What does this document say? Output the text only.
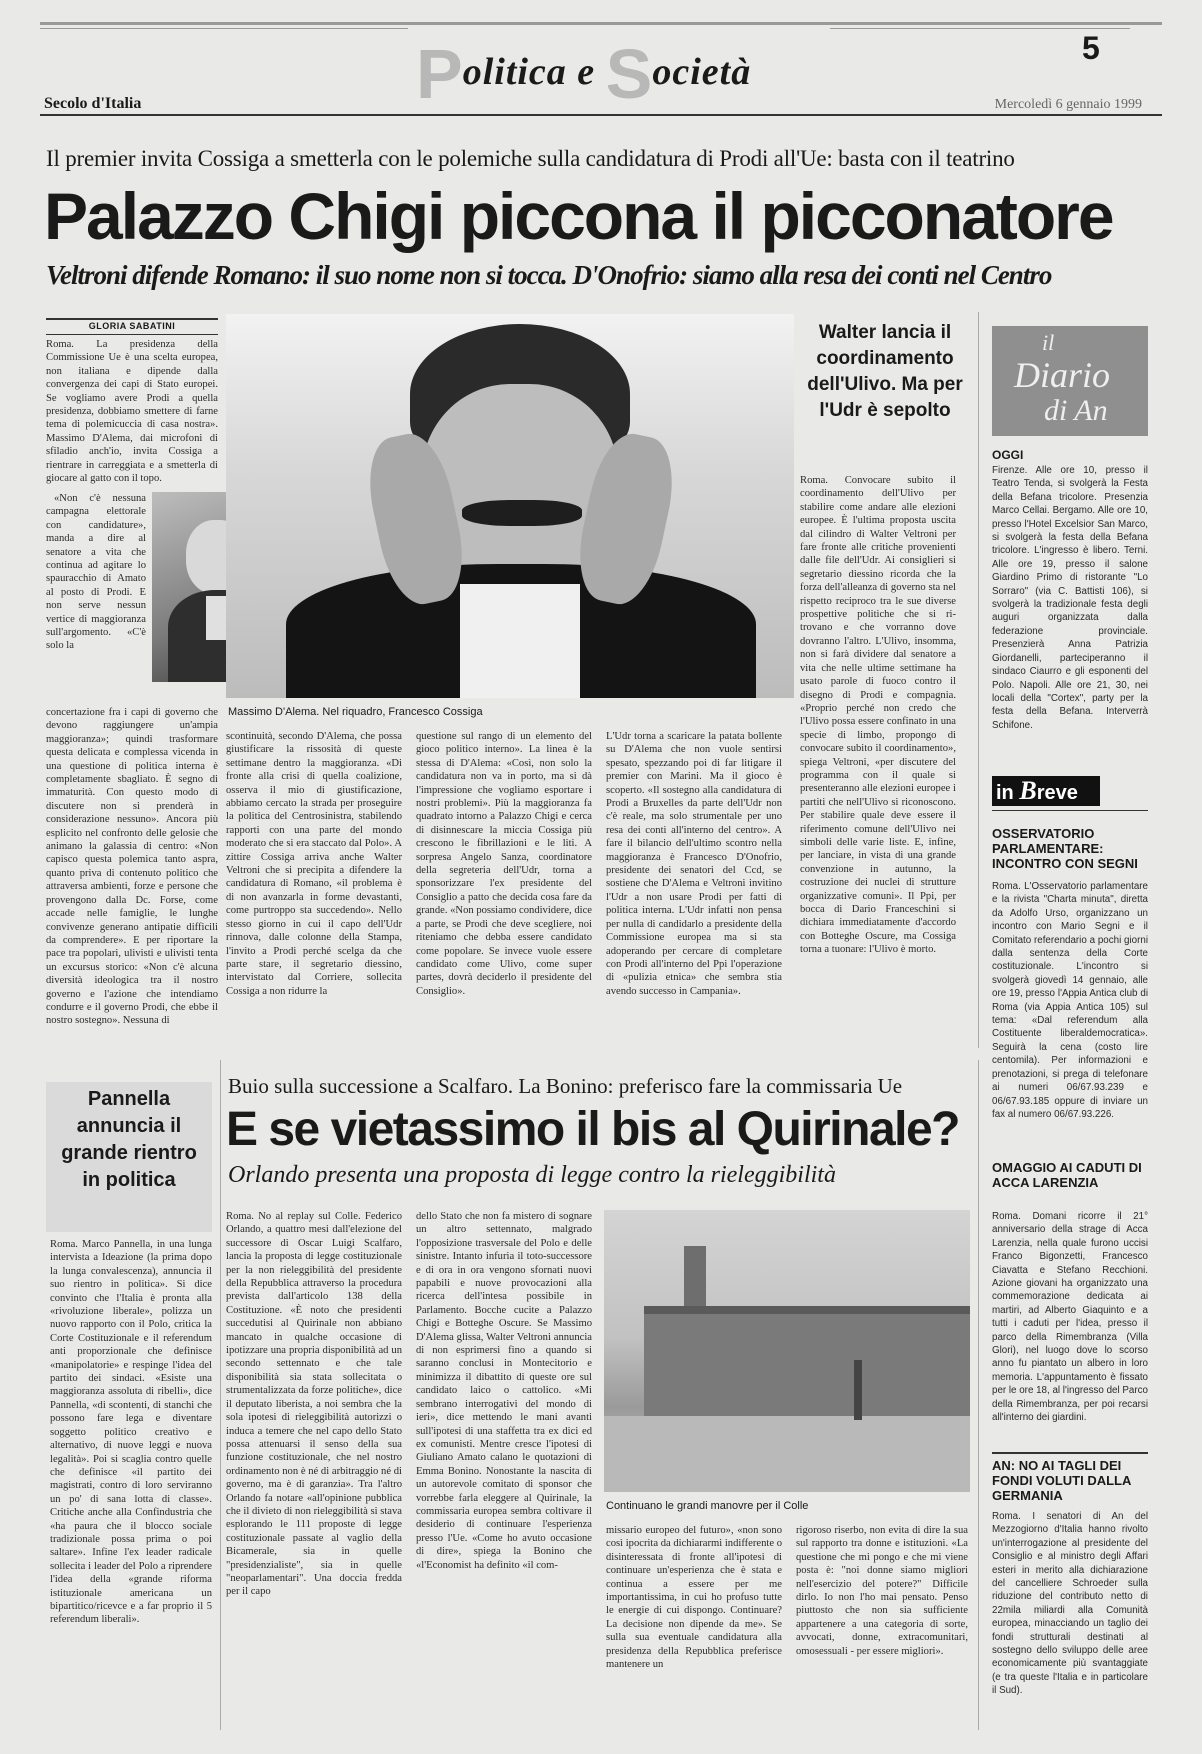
Politica e Società
5
Secolo d'Italia	Mercoledì 6 gennaio 1999
Il premier invita Cossiga a smetterla con le polemiche sulla candidatura di Prodi all'Ue: basta con il teatrino
Palazzo Chigi piccona il picconatore
Veltroni difende Romano: il suo nome non si tocca. D'Onofrio: siamo alla resa dei conti nel Centro
GLORIA SABATINI

Roma. La presidenza della Commissione Ue è una scelta europea, non italiana e dipende dalla convergenza dei capi di Stato europei. Se vogliamo avere Prodi a quella presidenza, dobbiamo smettere di farne tema di polemicuccia di casa nostra». Massimo D'Alema, dai microfoni di sfiladio anch'io, invita Cossiga a rientrare in carreggiata e a smetterla di giocare al gatto con il topo.

«Non c'è nessuna campagna elettorale con candidature», manda a dire al senatore a vita che continua ad agitare lo spauracchio di Amato al posto di Prodi. E non serve nessun vertice di maggioranza sull'argomento. «C'è solo la

concertazione fra i capi di governo che devono raggiungere un'ampia maggioranza»; quindi trasformare questa delicata e complessa vicenda in una questione di politica interna è completamente sbagliato. È segno di immaturità. Con questo modo di discutere non si prenderà in considerazione nessuno». Ancora più esplicito nel confronto delle gelosie che animano la galassia di centro: «Non capisco questa polemica tanto aspra, quanto priva di contenuto politico che attraversa ambienti, forze e persone che provengono dalla Dc. Forse, come accade nelle famiglie, le lunghe convivenze generano antipatie difficili da comprendere». E per riportare la pace tra popolari, ulivisti e ulivisti tenta un excursus storico: «Non c'è alcuna diversità ideologica tra il nostro governo e l'azione che intendiamo condurre e il governo Prodi, che ebbe il nostro sostegno». Nessuna di

Massimo D'Alema. Nel riquadro, Francesco Cossiga

scontinuità, secondo D'Alema, che possa giustificare la rissosità di queste settimane dentro la maggioranza. «Di fronte alla crisi di quella coalizione, osserva il mio di giustificazione, abbiamo cercato la strada per proseguire la politica del Centrosinistra, stabilendo rapporti con una parte del mondo moderato che si era staccato dal Polo». A zittire Cossiga arriva anche Walter Veltroni che si precipita a difendere la candidatura di Romano, «il problema è di non avanzarla in forme devastanti, come purtroppo sta succedendo». Nello stesso giorno in cui il capo dell'Udr rinnova, dalle colonne della Stampa, l'invito a Prodi perché scelga da che parte stare, il segretario diessino, intervistato dal Corriere, sollecita Cossiga a non ridurre la

questione sul rango di un elemento del gioco politico interno». La linea è la stessa di D'Alema: «Così, non solo la candidatura non va in porto, ma si dà l'impressione che vogliamo esportare i nostri problemi». Più la maggioranza fa quadrato intorno a Palazzo Chigi e cerca di disinnescare la miccia Cossiga più crescono le fibrillazioni e le liti. A sorpresa Angelo Sanza, coordinatore della segreteria dell'Udr, torna a sponsorizzare l'ex presidente del Consiglio a patto che decida cosa fare da grande. «Non possiamo condividere, dice a parte, se Prodi che deve scegliere, noi riteniamo che debba essere candidato come popolare. Se invece vuole essere candidato come Ulivo, come super partes, dovrà deciderlo il presidente del Consiglio».

L'Udr torna a scaricare la patata bollente su D'Alema che non vuole sentirsi spesato, spezzando poi di far litigare il premier con Marini. Ma il gioco è scoperto. «Il sostegno alla candidatura di Prodi a Bruxelles da parte dell'Udr non c'è reale, ma solo strumentale per uno resa dei conti all'interno del centro». A fare il bilancio dell'ultimo scontro nella maggioranza è Francesco D'Onofrio, presidente dei senatori del Ccd, se sostiene che D'Alema e Veltroni invitino l'Udr a non usare Prodi per fatti di politica interna. L'Udr infatti non pensa per nulla di candidarlo a presidente della Commissione europea ma si sta adoperando per cercare di completare con Prodi all'interno del Ppi l'operazione di «pulizia etnica» che sembra stia avendo successo in Campania».

Walter lancia il coordinamento dell'Ulivo. Ma per l'Udr è sepolto

Roma. Convocare subito il coordinamento dell'Ulivo per stabilire come andare alle elezioni europee. È l'ultima proposta uscita dal cilindro di Walter Veltroni per fare fronte alle critiche provenienti dalle file dell'Udr. Ai consiglieri si segretario diessino ricorda che la forza dell'alleanza di governo sta nel rispetto reciproco tra le sue diverse prospettive politiche che si ri-trovano e che vorranno dove dovranno l'altro. L'Ulivo, insomma, non si farà dividere dal senatore a vita che nelle ultime settimane ha usato parole di fuoco contro il disegno di Prodi e compagnia. «Proprio perché non credo che l'Ulivo possa essere confinato in una specie di limbo, propongo di convocare subito il coordinamento», spiega Veltroni, «per discutere del programma con il quale si presenteranno alle elezioni europee i partiti che nell'Ulivo si riconoscono. Per stabilire quale deve essere il riferimento comune dell'Ulivo nei simboli delle varie liste. E, infine, per lanciare, in vista di una grande convenzione in autunno, la costruzione dei nuclei di strutture organizzative comuni». Il Ppi, per bocca di Dario Franceschini si dichiara immediatamente d'accordo con Botteghe Oscure, ma Cossiga torna a tuonare: l'Ulivo è morto.

il
Diario
di An
OGGI

Firenze. Alle ore 10, presso il Teatro Tenda, si svolgerà la Festa della Befana tricolore. Presenzia Marco Cellai. Bergamo. Alle ore 10, presso l'Hotel Excelsior San Marco, si svolgerà la festa della Befana tricolore. L'ingresso è libero. Terni. Alle ore 19, presso il salone Giardino Primo di ristorante "Lo Sorraro" (via C. Battisti 106), si svolgerà la tradizionale festa degli auguri organizzata dalla federazione provinciale. Presenzierà Anna Patrizia Giordanelli, parteciperanno il sindaco Ciaurro e gli esponenti del Polo. Napoli. Alle ore 21, 30, nei locali della "Cortex", party per la festa della Befana. Interverrà Schifone.

in Breve
OSSERVATORIO PARLAMENTARE: INCONTRO CON SEGNI

Roma. L'Osservatorio parlamentare e la rivista "Charta minuta", diretta da Adolfo Urso, organizzano un incontro con Mario Segni e il Comitato referendario a pochi giorni dalla sentenza della Corte costituzionale. L'incontro si svolgerà giovedì 14 gennaio, alle ore 19, presso l'Appia Antica club di Roma (via Appia Antica 105) sul tema: «Dal referendum alla Costituente liberaldemocratica». Seguirà la cena (costo lire centomila). Per informazioni e prenotazioni, si prega di telefonare ai numeri 06/67.93.239 e 06/67.93.185 oppure di inviare un fax al numero 06/67.93.226.

OMAGGIO AI CADUTI DI ACCA LARENZIA

Roma. Domani ricorre il 21° anniversario della strage di Acca Larenzia, nella quale furono uccisi Franco Bigonzetti, Francesco Ciavatta e Stefano Recchioni. Azione giovani ha organizzato una commemorazione dedicata ai martiri, ad Alberto Giaquinto e a tutti i caduti per l'idea, presso il parco della Rimembranza (Villa Glori), nel luogo dove lo scorso anno fu piantato un albero in loro memoria. L'appuntamento è fissato per le ore 18, al l'ingresso del Parco della Rimembranza, per poi recarsi all'interno dei giardini.

AN: NO AI TAGLI DEI FONDI VOLUTI DALLA GERMANIA

Roma. I senatori di An del Mezzogiorno d'Italia hanno rivolto un'interrogazione al presidente del Consiglio e al ministro degli Affari esteri in merito alla dichiarazione del cancelliere Schroeder sulla riduzione del contributo netto di 22mila miliardi alla Comunità europea, minacciando un taglio dei fondi strutturali destinati al sostegno dello sviluppo delle aree economicamente più svantaggiate (e tra queste l'Italia e in particolare il Sud).

Pannella annuncia il grande rientro in politica

Roma. Marco Pannella, in una lunga intervista a Ideazione (la prima dopo la lunga convalescenza), annuncia il suo rientro in politica». Si dice convinto che l'Italia è pronta alla «rivoluzione liberale», polizza un nuovo rapporto con il Polo, critica la Corte Costituzionale e il referendum anti proporzionale che definisce «manipolatorie» e respinge l'idea del partito dei sindaci. «Esiste una maggioranza assoluta di ribelli», dice Pannella, «di scontenti, di stanchi che possono fare lega e diventare soggetto politico creativo e alternativo, di nuove leggi e nuova legalità». Poi si scaglia contro quelle che definisce «il partito dei magistrati, contro di loro serviranno un po' di sana lotta di classe». Critiche anche alla Confindustria che «ha paura che il blocco sociale tradizionale possa prima o poi saltare». Infine l'ex leader radicale sollecita i leader del Polo a riprendere l'idea della «grande riforma istituzionale americana un bipartitico/ricevce e a far proprio il 5 referendum liberali».

Buio sulla successione a Scalfaro. La Bonino: preferisco fare la commissaria Ue
E se vietassimo il bis al Quirinale?
Orlando presenta una proposta di legge contro la rieleggibilità

Roma. No al replay sul Colle. Federico Orlando, a quattro mesi dall'elezione del successore di Oscar Luigi Scalfaro, lancia la proposta di legge costituzionale per la non rieleggibilità del presidente della Repubblica attraverso la procedura prevista dall'articolo 138 della Costituzione. «È noto che presidenti succedutisi al Quirinale non abbiano mancato in qualche occasione di ipotizzare una propria disponibilità ad un secondo settennato e che tale disponibilità sia stata sollecitata o strumentalizzata da forze politiche», dice il deputato liberista, a noi sembra che la sola ipotesi di rieleggibilità autorizzi o induca a temere che nel capo dello Stato possa attenuarsi il senso della sua funzione costituzionale, che nel nostro ordinamento non è né di arbitraggio né di governo, ma è di garanzia». Tra l'altro Orlando fa notare «all'opinione pubblica che il divieto di non rieleggibilità si stava esplorando le 111 proposte di legge costituzionale passate al vaglio della Bicamerale, sia in quelle "presidenzialiste", sia in quelle "neoparlamentari". Una doccia fredda per il capo

dello Stato che non fa mistero di sognare un altro settennato, malgrado l'opposizione trasversale del Polo e delle sinistre. Intanto infuria il toto-successore e di ora in ora vengono sfornati nuovi papabili e nuove provocazioni alla ricerca dell'intesa possibile in Parlamento. Bocche cucite a Palazzo Chigi e Botteghe Oscure. Se Massimo D'Alema glissa, Walter Veltroni annuncia di non esprimersi fino a quando si saranno conclusi in Montecitorio e minimizza il dibattito di queste ore sul candidato laico o cattolico. «Mi sembrano interrogativi del mondo di ieri», dice mettendo le mani avanti sull'ipotesi di una staffetta tra ex dici ed ex comunisti. Mentre cresce l'ipotesi di Giuliano Amato calano le quotazioni di Emma Bonino. Nonostante la nascita di un autorevole comitato di sponsor che vorrebbe farla eleggere al Quirinale, la commissaria europea sembra coltivare il desiderio di continuare l'esperienza presso l'Ue. «Come ho avuto occasione di dire», spiega la Bonino che «l'Economist ha definito «il com-

Continuano le grandi manovre per il Colle

missario europeo del futuro», «non sono così ipocrita da dichiararmi indifferente o disinteressata di fronte all'ipotesi di continuare un'esperienza che è stata e continua a essere per me importantissima, in cui ho profuso tutte le energie di cui dispongo. Continuare? La decisione non dipende da me». Se sulla sua eventuale candidatura alla presidenza della Repubblica preferisce mantenere un

rigoroso riserbo, non evita di dire la sua sul rapporto tra donne e istituzioni. «La questione che mi pongo e che mi viene posta è: "noi donne siamo migliori nell'esercizio del potere?" Difficile dirlo. Io non l'ho mai pensato. Penso piuttosto che non sia sufficiente appartenere a una categoria di sorte, avvocati, donne, extracomunitari, omosessuali - per essere migliori».
